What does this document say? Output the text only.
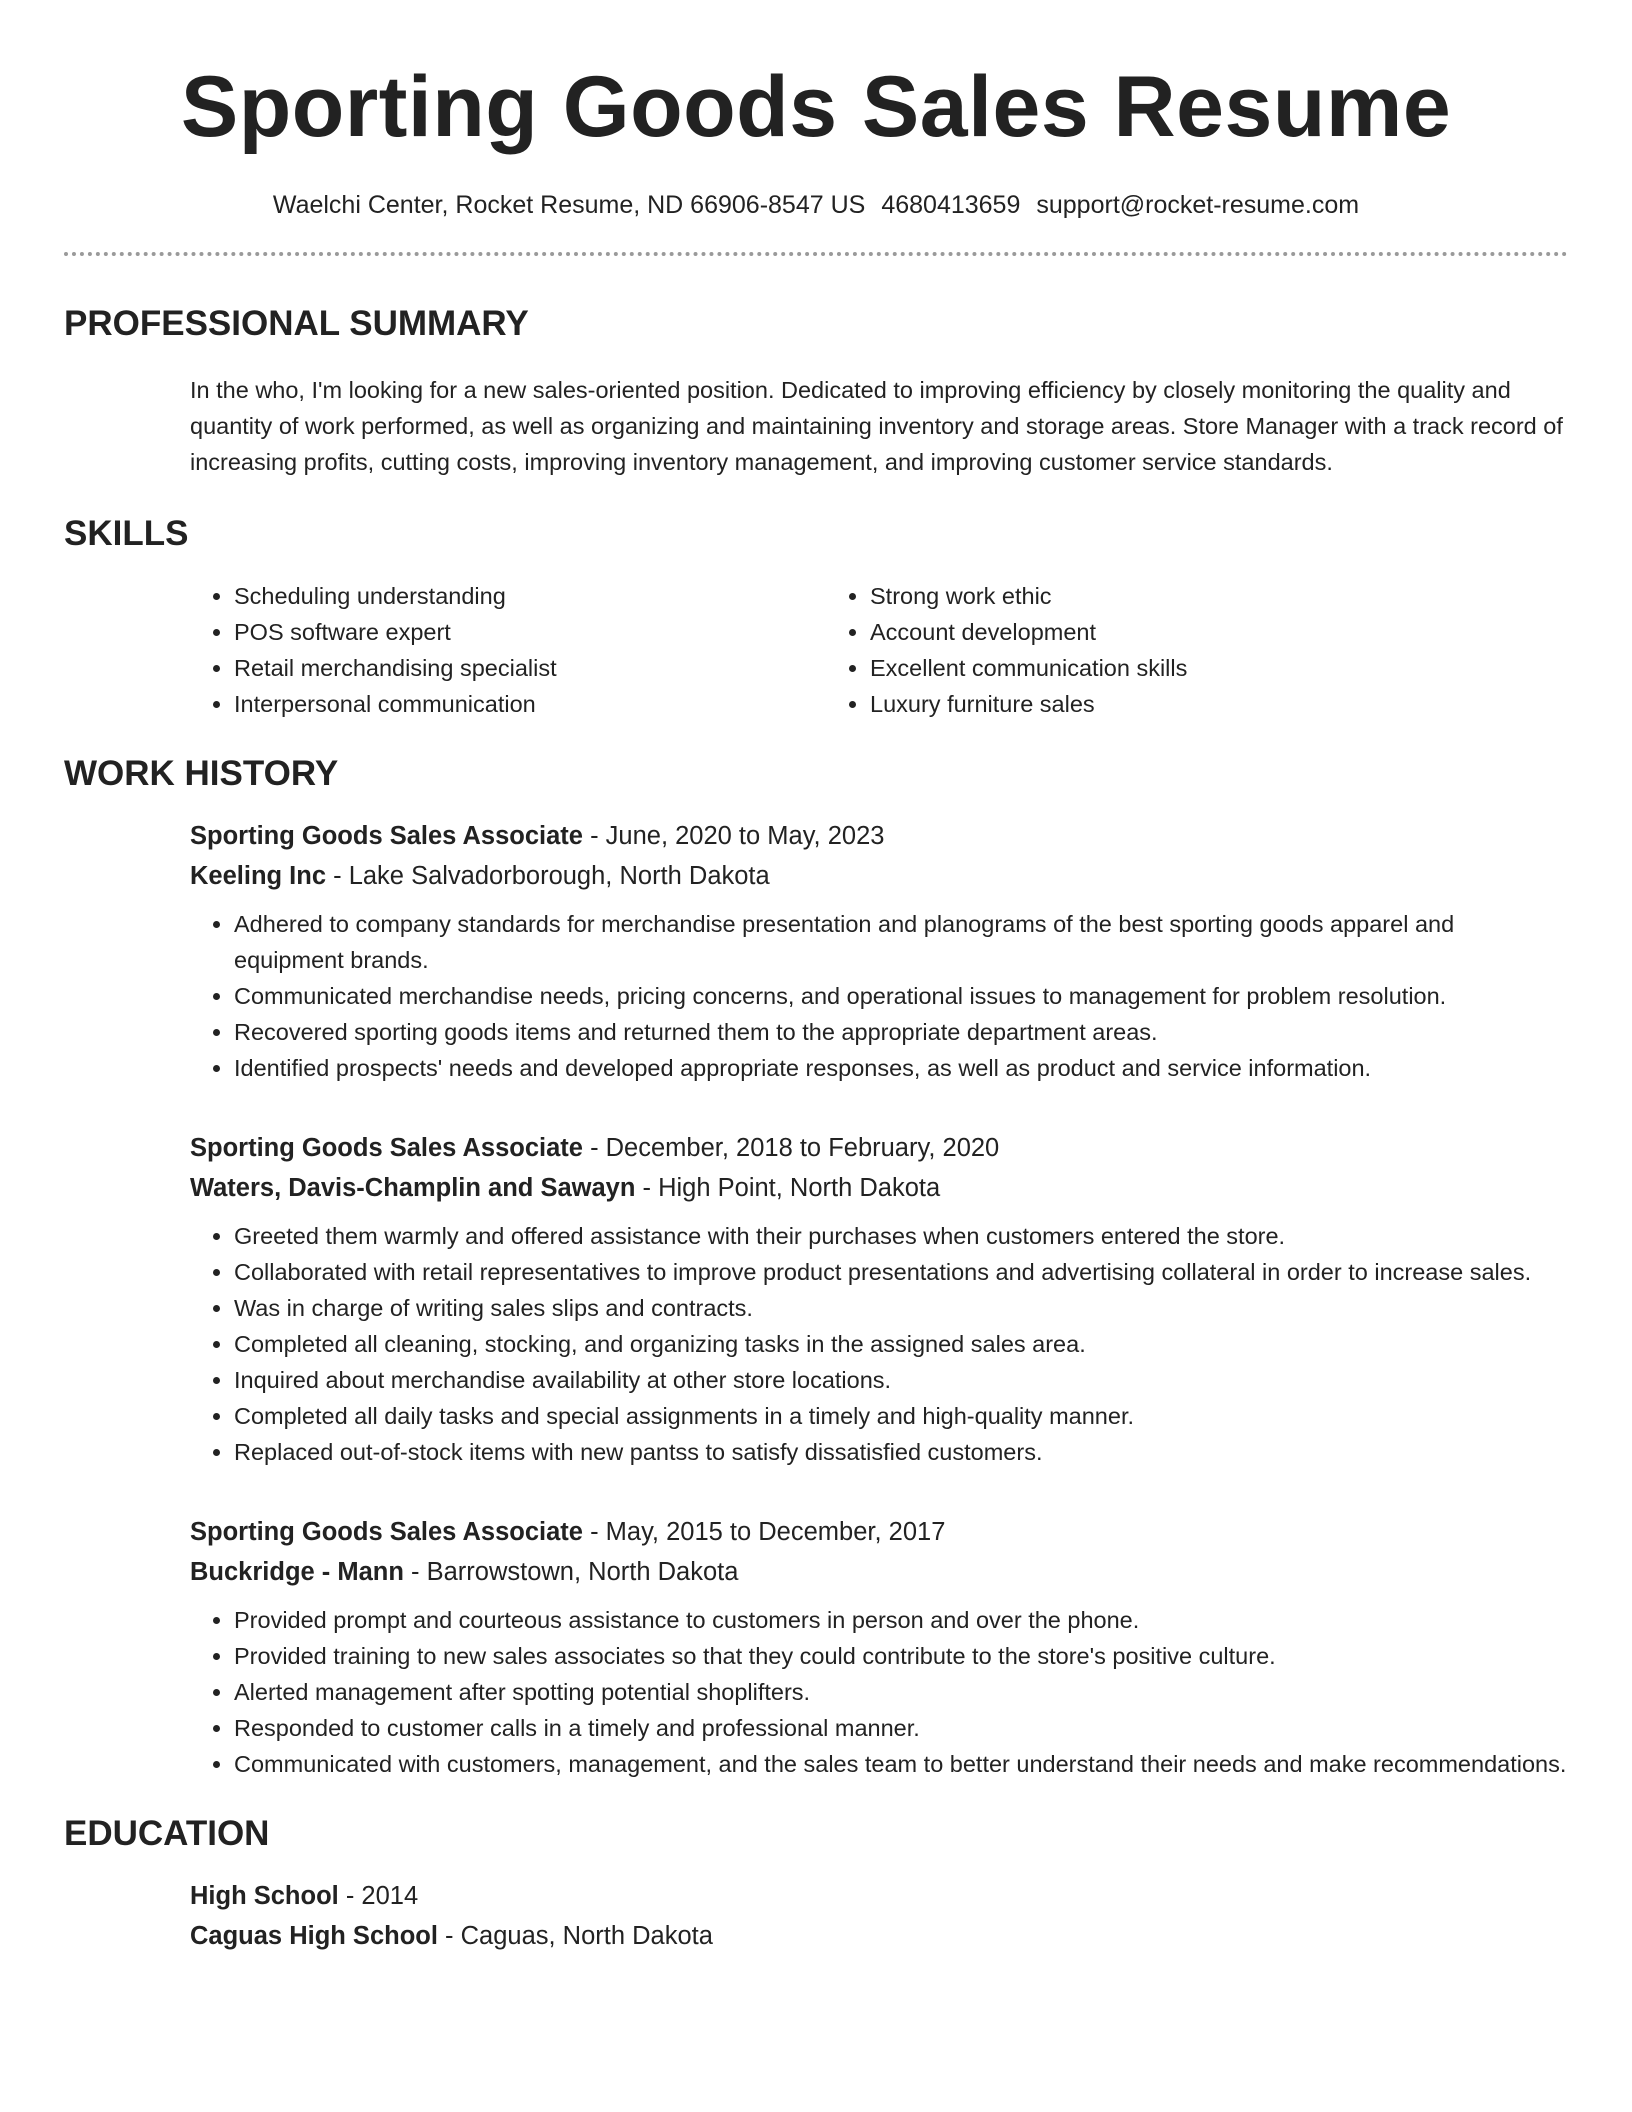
Sporting Goods Sales Resume
Waelchi Center, Rocket Resume, ND 66906-8547 US 4680413659 support@rocket-resume.com
PROFESSIONAL SUMMARY
In the who, I'm looking for a new sales-oriented position. Dedicated to improving efficiency by closely monitoring the quality and quantity of work performed, as well as organizing and maintaining inventory and storage areas. Store Manager with a track record of increasing profits, cutting costs, improving inventory management, and improving customer service standards.
SKILLS
• Scheduling understanding
• POS software expert
• Retail merchandising specialist
• Interpersonal communication
• Strong work ethic
• Account development
• Excellent communication skills
• Luxury furniture sales
WORK HISTORY
Sporting Goods Sales Associate - June, 2020 to May, 2023
Keeling Inc - Lake Salvadorborough, North Dakota
• Adhered to company standards for merchandise presentation and planograms of the best sporting goods apparel and equipment brands.
• Communicated merchandise needs, pricing concerns, and operational issues to management for problem resolution.
• Recovered sporting goods items and returned them to the appropriate department areas.
• Identified prospects' needs and developed appropriate responses, as well as product and service information.
Sporting Goods Sales Associate - December, 2018 to February, 2020
Waters, Davis-Champlin and Sawayn - High Point, North Dakota
• Greeted them warmly and offered assistance with their purchases when customers entered the store.
• Collaborated with retail representatives to improve product presentations and advertising collateral in order to increase sales.
• Was in charge of writing sales slips and contracts.
• Completed all cleaning, stocking, and organizing tasks in the assigned sales area.
• Inquired about merchandise availability at other store locations.
• Completed all daily tasks and special assignments in a timely and high-quality manner.
• Replaced out-of-stock items with new pantss to satisfy dissatisfied customers.
Sporting Goods Sales Associate - May, 2015 to December, 2017
Buckridge - Mann - Barrowstown, North Dakota
• Provided prompt and courteous assistance to customers in person and over the phone.
• Provided training to new sales associates so that they could contribute to the store's positive culture.
• Alerted management after spotting potential shoplifters.
• Responded to customer calls in a timely and professional manner.
• Communicated with customers, management, and the sales team to better understand their needs and make recommendations.
EDUCATION
High School - 2014
Caguas High School - Caguas, North Dakota
